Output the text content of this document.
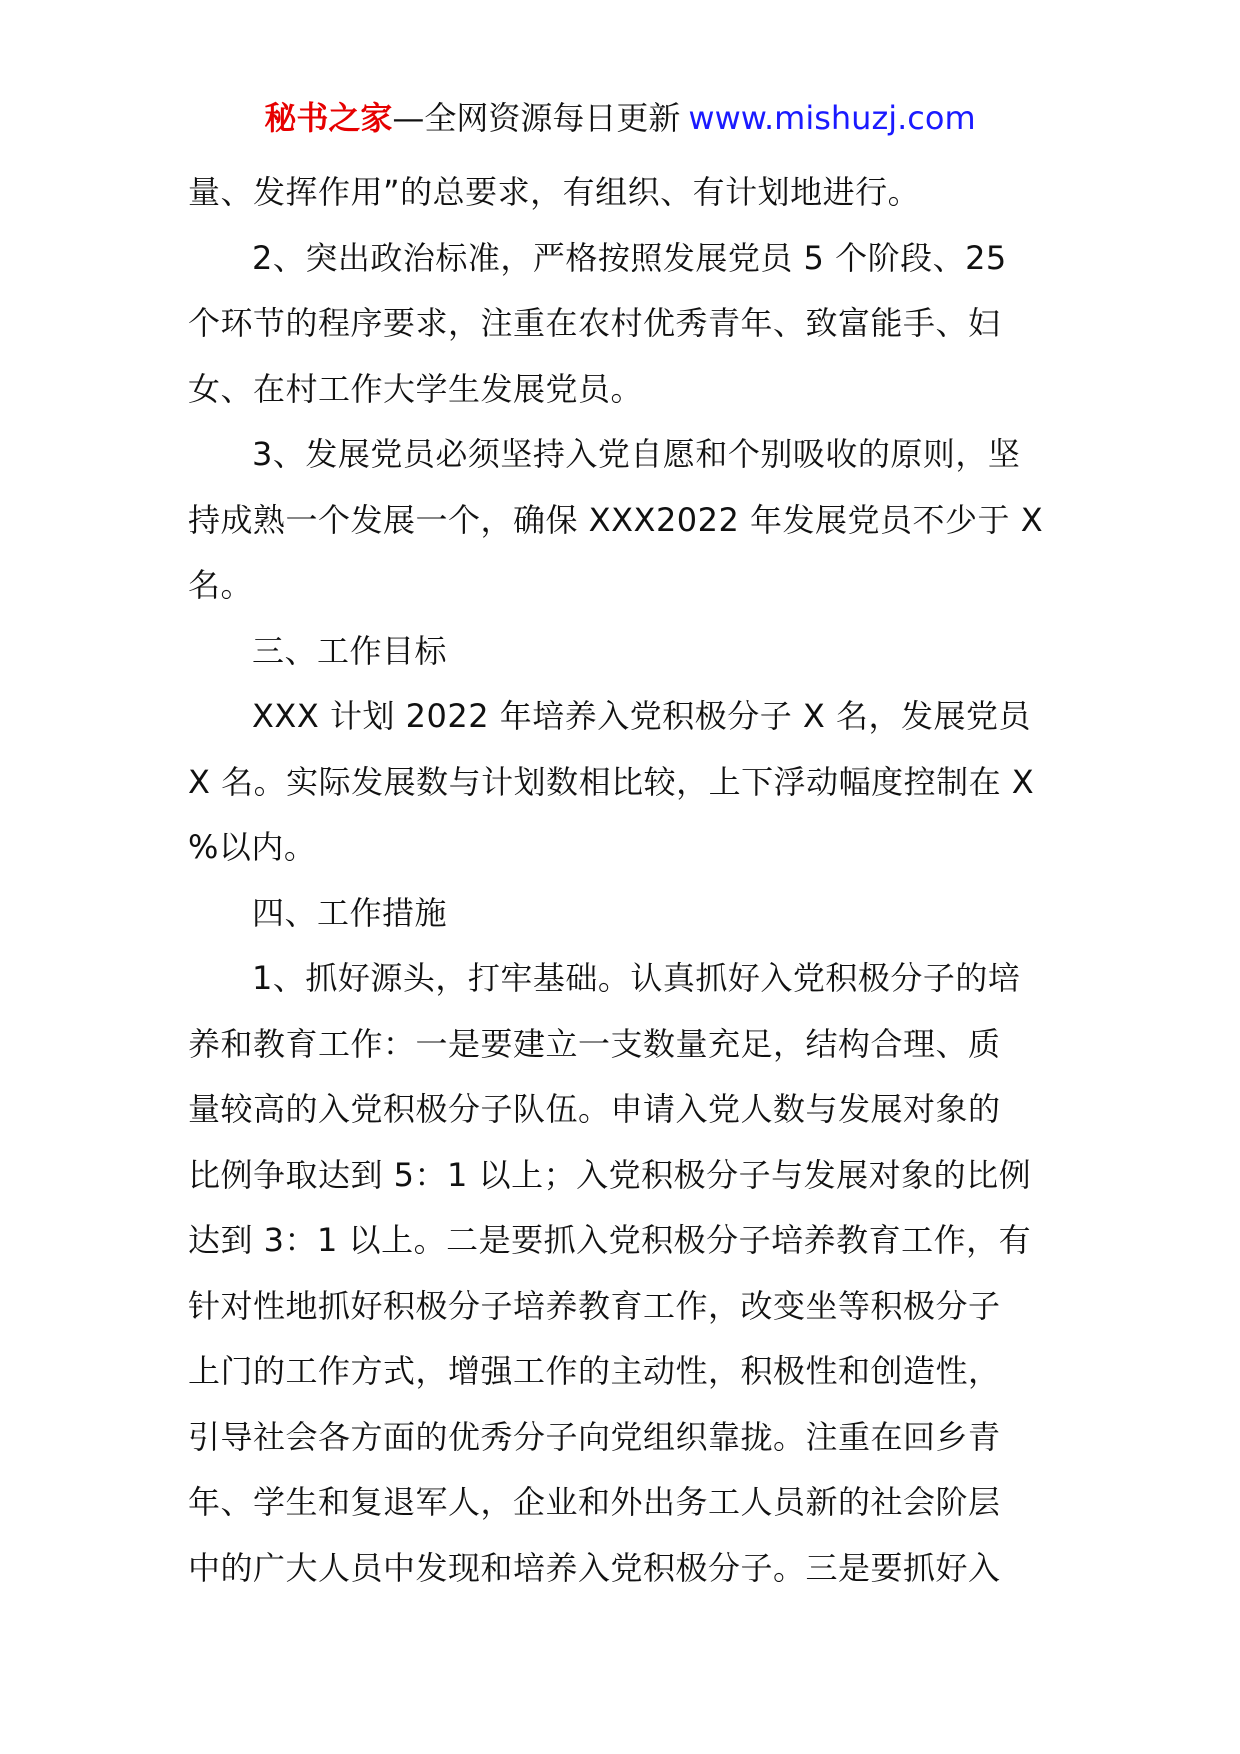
秘书之家—全网资源每日更新 www.mishuzj.com
量、发挥作用”的总要求，有组织、有计划地进行。
2、突出政治标准，严格按照发展党员 5 个阶段、25
个环节的程序要求，注重在农村优秀青年、致富能手、妇
女、在村工作大学生发展党员。
3、发展党员必须坚持入党自愿和个别吸收的原则，坚
持成熟一个发展一个，确保 XXX2022 年发展党员不少于 X
名。
三、工作目标
XXX 计划 2022 年培养入党积极分子 X 名，发展党员
X 名。实际发展数与计划数相比较，上下浮动幅度控制在 X
%以内。
四、工作措施
1、抓好源头，打牢基础。认真抓好入党积极分子的培
养和教育工作：一是要建立一支数量充足，结构合理、质
量较高的入党积极分子队伍。申请入党人数与发展对象的
比例争取达到 5：1 以上；入党积极分子与发展对象的比例
达到 3：1 以上。二是要抓入党积极分子培养教育工作，有
针对性地抓好积极分子培养教育工作，改变坐等积极分子
上门的工作方式，增强工作的主动性，积极性和创造性，
引导社会各方面的优秀分子向党组织靠拢。注重在回乡青
年、学生和复退军人，企业和外出务工人员新的社会阶层
中的广大人员中发现和培养入党积极分子。三是要抓好入
